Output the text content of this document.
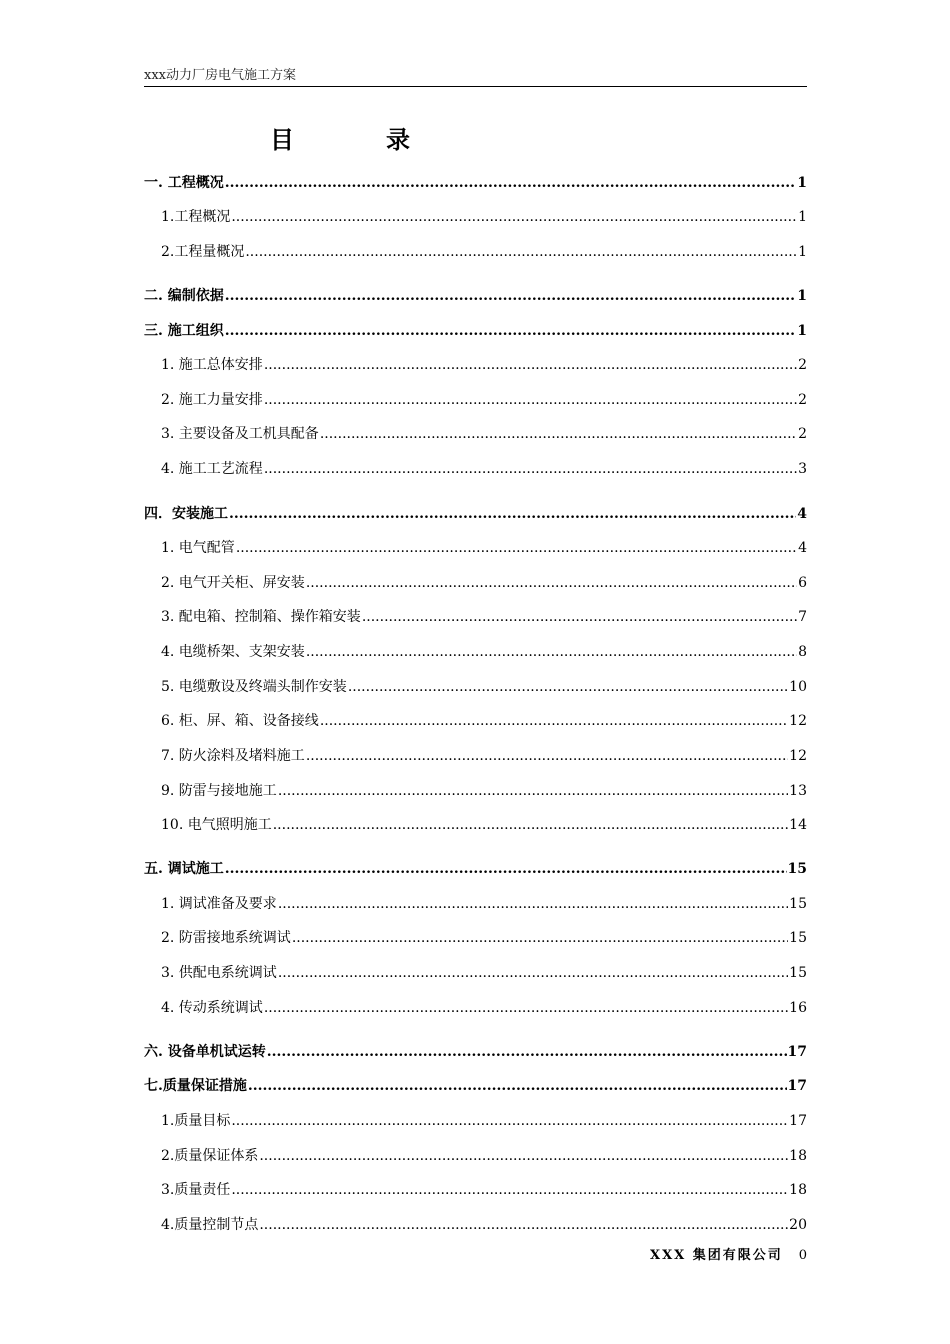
xxx动力厂房电气施工方案
目	录
一. 工程概况 .....	1
1.工程概况 .....	1
2.工程量概况 .....	1
二. 编制依据 .....	1
三. 施工组织 .....	1
1. 施工总体安排 .....	2
2. 施工力量安排 .....	2
3. 主要设备及工机具配备 .....	2
4. 施工工艺流程 .....	3
四．安装施工 .....	4
1. 电气配管 .....	4
2. 电气开关柜、屏安装 .....	6
3. 配电箱、控制箱、操作箱安装 .....	7
4. 电缆桥架、支架安装 .....	8
5. 电缆敷设及终端头制作安装 .....	10
6. 柜、屏、箱、设备接线 .....	12
7. 防火涂料及堵料施工 .....	12
9. 防雷与接地施工 .....	13
10. 电气照明施工 .....	14
五. 调试施工 .....	15
1. 调试准备及要求 .....	15
2. 防雷接地系统调试 .....	15
3. 供配电系统调试 .....	15
4. 传动系统调试 .....	16
六. 设备单机试运转 .....	17
七.质量保证措施 .....	17
1.质量目标 .....	17
2.质量保证体系 .....	18
3.质量责任 .....	18
4.质量控制节点 .....	20
XXX 集团有限公司 0
